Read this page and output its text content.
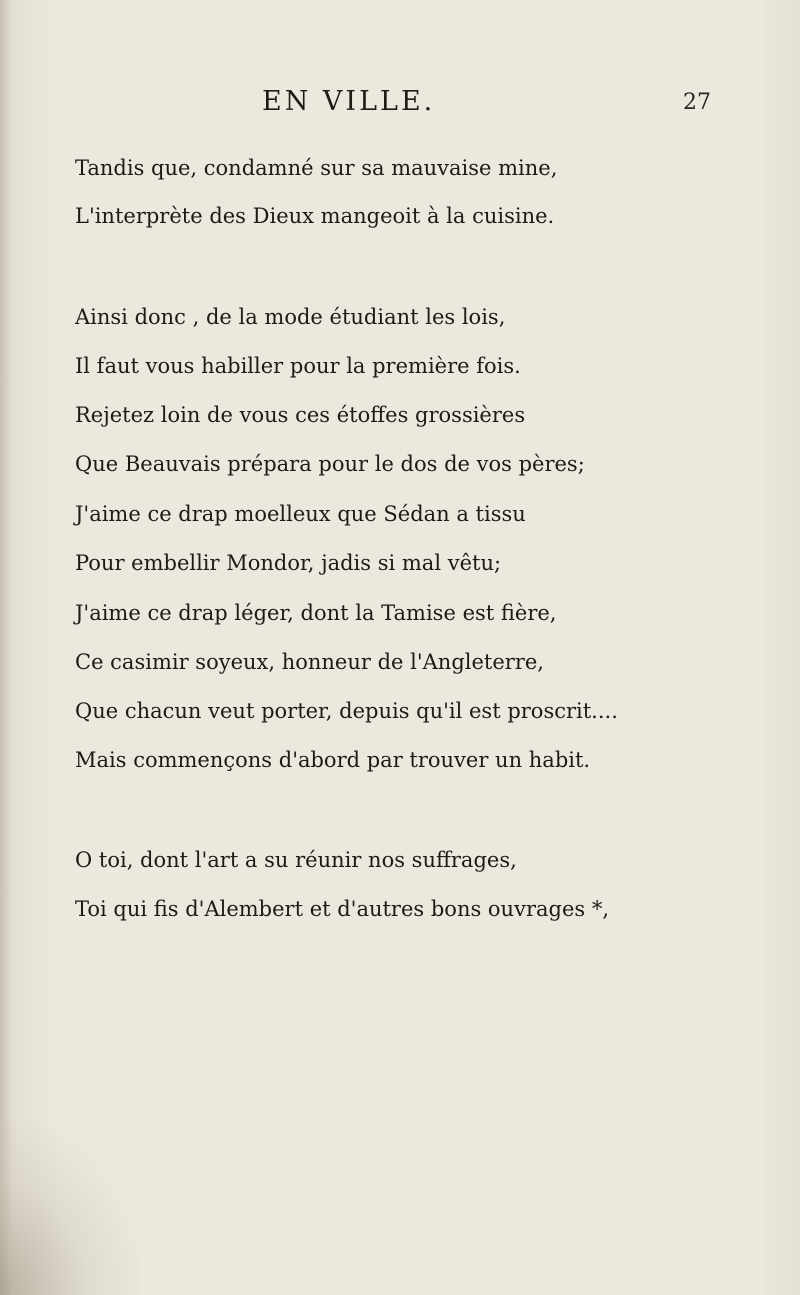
EN VILLE.	27
Tandis que, condamné sur sa mauvaise mine,
L'interprète des Dieux mangeoit à la cuisine.
Ainsi donc , de la mode étudiant les lois,
Il faut vous habiller pour la première fois.
Rejetez loin de vous ces étoffes grossières
Que Beauvais prépara pour le dos de vos pères;
J'aime ce drap moelleux que Sédan a tissu
Pour embellir Mondor, jadis si mal vêtu;
J'aime ce drap léger, dont la Tamise est fière,
Ce casimir soyeux, honneur de l'Angleterre,
Que chacun veut porter, depuis qu'il est proscrit....
Mais commençons d'abord par trouver un habit.
O toi, dont l'art a su réunir nos suffrages,
Toi qui fis d'Alembert et d'autres bons ouvrages *,
